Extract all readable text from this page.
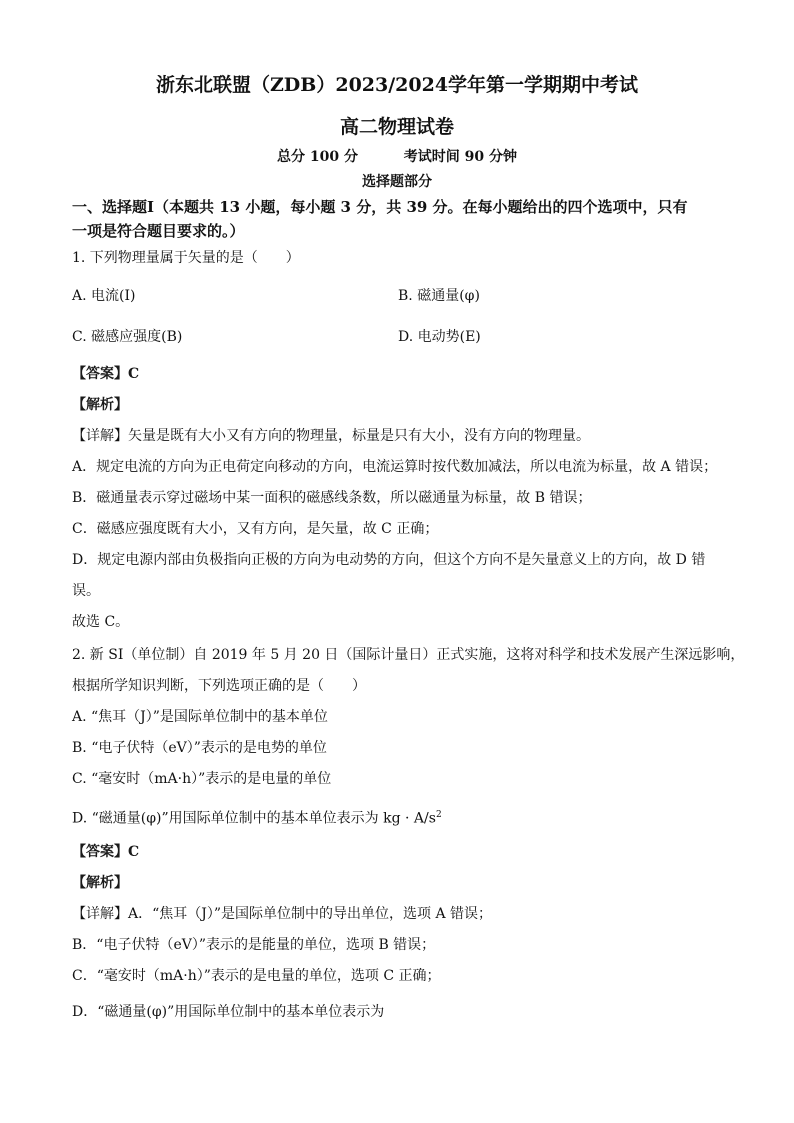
浙东北联盟（ZDB）2023/2024学年第一学期期中考试
高二物理试卷
总分 100 分	考试时间 90 分钟
选择题部分
一、选择题Ⅰ（本题共 13 小题，每小题 3 分，共 39 分。在每小题给出的四个选项中，只有
一项是符合题目要求的。）
1. 下列物理量属于矢量的是（　　）
A. 电流(I)	B. 磁通量(φ)
C. 磁感应强度(B)	D. 电动势(E)
【答案】C
【解析】
【详解】矢量是既有大小又有方向的物理量，标量是只有大小，没有方向的物理量。
A．规定电流的方向为正电荷定向移动的方向，电流运算时按代数加减法，所以电流为标量，故 A 错误；
B．磁通量表示穿过磁场中某一面积的磁感线条数，所以磁通量为标量，故 B 错误；
C．磁感应强度既有大小，又有方向，是矢量，故 C 正确；
D．规定电源内部由负极指向正极的方向为电动势的方向，但这个方向不是矢量意义上的方向，故 D 错
误。
故选 C。
2. 新 SI（单位制）自 2019 年 5 月 20 日（国际计量日）正式实施，这将对科学和技术发展产生深远影响，
根据所学知识判断，下列选项正确的是（　　）
A. “焦耳（J）”是国际单位制中的基本单位
B. “电子伏特（eV）”表示的是电势的单位
C. “毫安时（mA·h）”表示的是电量的单位
D. “磁通量(φ)”用国际单位制中的基本单位表示为 kg · $A/s^2$
【答案】C
【解析】
【详解】A．“焦耳（J）”是国际单位制中的导出单位，选项 A 错误；
B．“电子伏特（eV）”表示的是能量的单位，选项 B 错误；
C．“毫安时（mA·h）”表示的是电量的单位，选项 C 正确；
D．“磁通量(φ)”用国际单位制中的基本单位表示为
